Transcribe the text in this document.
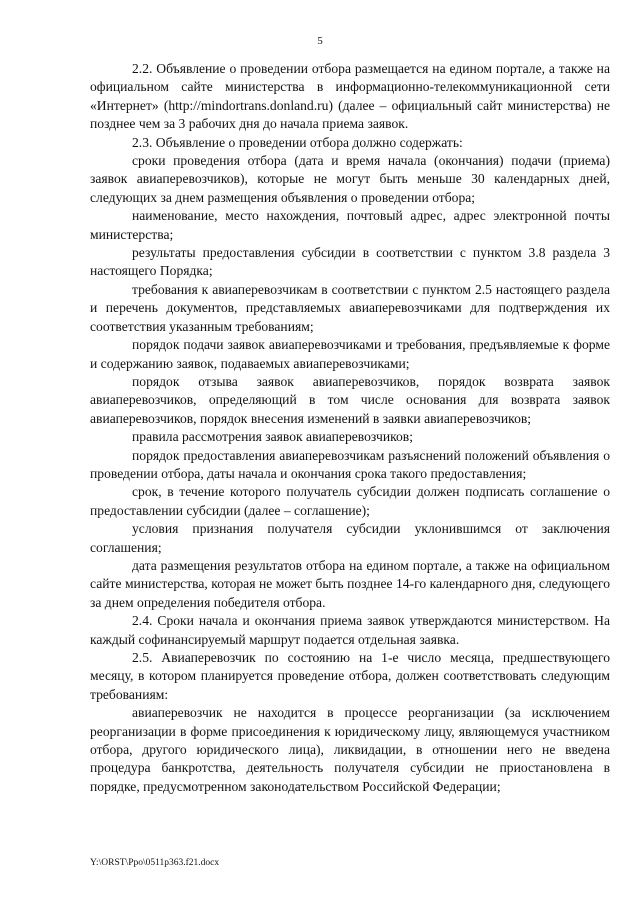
5

2.2. Объявление о проведении отбора размещается на едином портале, а также на официальном сайте министерства в информационно-телекоммуникационной сети «Интернет» (http://mindortrans.donland.ru) (далее – официальный сайт министерства) не позднее чем за 3 рабочих дня до начала приема заявок.

2.3. Объявление о проведении отбора должно содержать:

сроки проведения отбора (дата и время начала (окончания) подачи (приема) заявок авиаперевозчиков), которые не могут быть меньше 30 календарных дней, следующих за днем размещения объявления о проведении отбора;

наименование, место нахождения, почтовый адрес, адрес электронной почты министерства;

результаты предоставления субсидии в соответствии с пунктом 3.8 раздела 3 настоящего Порядка;

требования к авиаперевозчикам в соответствии с пунктом 2.5 настоящего раздела и перечень документов, представляемых авиаперевозчиками для подтверждения их соответствия указанным требованиям;

порядок подачи заявок авиаперевозчиками и требования, предъявляемые к форме и содержанию заявок, подаваемых авиаперевозчиками;

порядок отзыва заявок авиаперевозчиков, порядок возврата заявок авиаперевозчиков, определяющий в том числе основания для возврата заявок авиаперевозчиков, порядок внесения изменений в заявки авиаперевозчиков;

правила рассмотрения заявок авиаперевозчиков;

порядок предоставления авиаперевозчикам разъяснений положений объявления о проведении отбора, даты начала и окончания срока такого предоставления;

срок, в течение которого получатель субсидии должен подписать соглашение о предоставлении субсидии (далее – соглашение);

условия признания получателя субсидии уклонившимся от заключения соглашения;

дата размещения результатов отбора на едином портале, а также на официальном сайте министерства, которая не может быть позднее 14-го календарного дня, следующего за днем определения победителя отбора.

2.4. Сроки начала и окончания приема заявок утверждаются министерством. На каждый софинансируемый маршрут подается отдельная заявка.

2.5. Авиаперевозчик по состоянию на 1-е число месяца, предшествующего месяцу, в котором планируется проведение отбора, должен соответствовать следующим требованиям:

авиаперевозчик не находится в процессе реорганизации (за исключением реорганизации в форме присоединения к юридическому лицу, являющемуся участником отбора, другого юридического лица), ликвидации, в отношении него не введена процедура банкротства, деятельность получателя субсидии не приостановлена в порядке, предусмотренном законодательством Российской Федерации;

Y:\ORST\Ppo\0511p363.f21.docx
